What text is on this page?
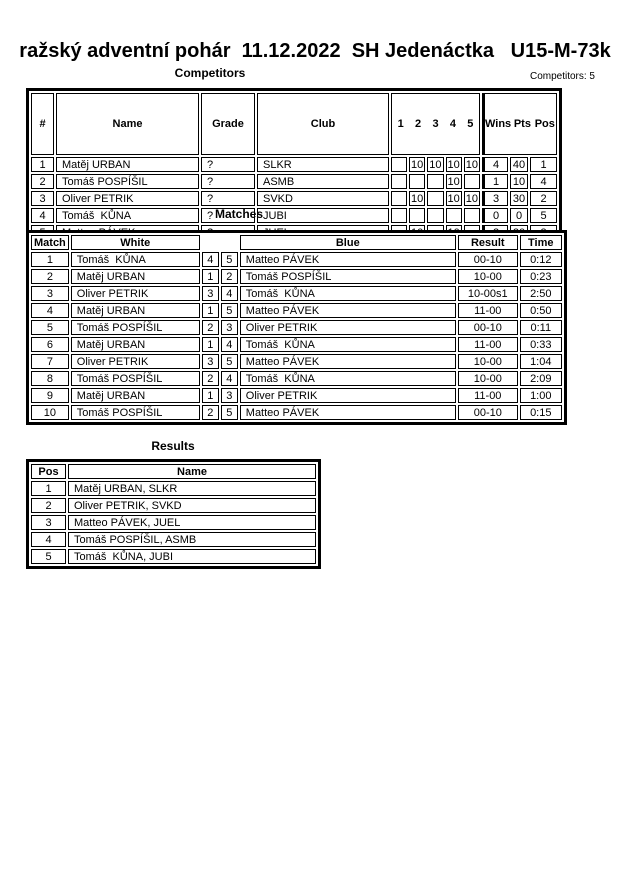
ražský adventní pohár  11.12.2022  SH Jedenáctka   U15-M-73k
Competitors	Competitors: 5
#	Name	Grade	Club	1 2 3 4 5					Wins Pts Pos		

1	Matěj URBAN	?	SLKR		10	10	10	10	4	40	1
2	Tomáš POSPÍŠIL	?	ASMB				10		1	10	4
3	Oliver PETRIK	?	SVKD		10		10	10	3	30	2
4	Tomáš  KŮNA	?	JUBI						0	0	5

Matches
Match	White			Blue	Result	Time
1	Tomáš  KŮNA	4	5	Matteo PÁVEK	00-10	0:12
2	Matěj URBAN	1	2	Tomáš POSPÍŠIL	10-00	0:23
3	Oliver PETRIK	3	4	Tomáš  KŮNA	10-00s1	2:50
4	Matěj URBAN	1	5	Matteo PÁVEK	11-00	0:50
5	Tomáš POSPÍŠIL	2	3	Oliver PETRIK	00-10	0:11
6	Matěj URBAN	1	4	Tomáš  KŮNA	11-00	0:33
7	Oliver PETRIK	3	5	Matteo PÁVEK	10-00	1:04
8	Tomáš POSPÍŠIL	2	4	Tomáš  KŮNA	10-00	2:09
9	Matěj URBAN	1	3	Oliver PETRIK	11-00	1:00
10	Tomáš POSPÍŠIL	2	5	Matteo PÁVEK	00-10	0:15
Results
Pos	Name
1	Matěj URBAN, SLKR
2	Oliver PETRIK, SVKD
3	Matteo PÁVEK, JUEL
4	Tomáš POSPÍŠIL, ASMB
5	Tomáš  KŮNA, JUBI
